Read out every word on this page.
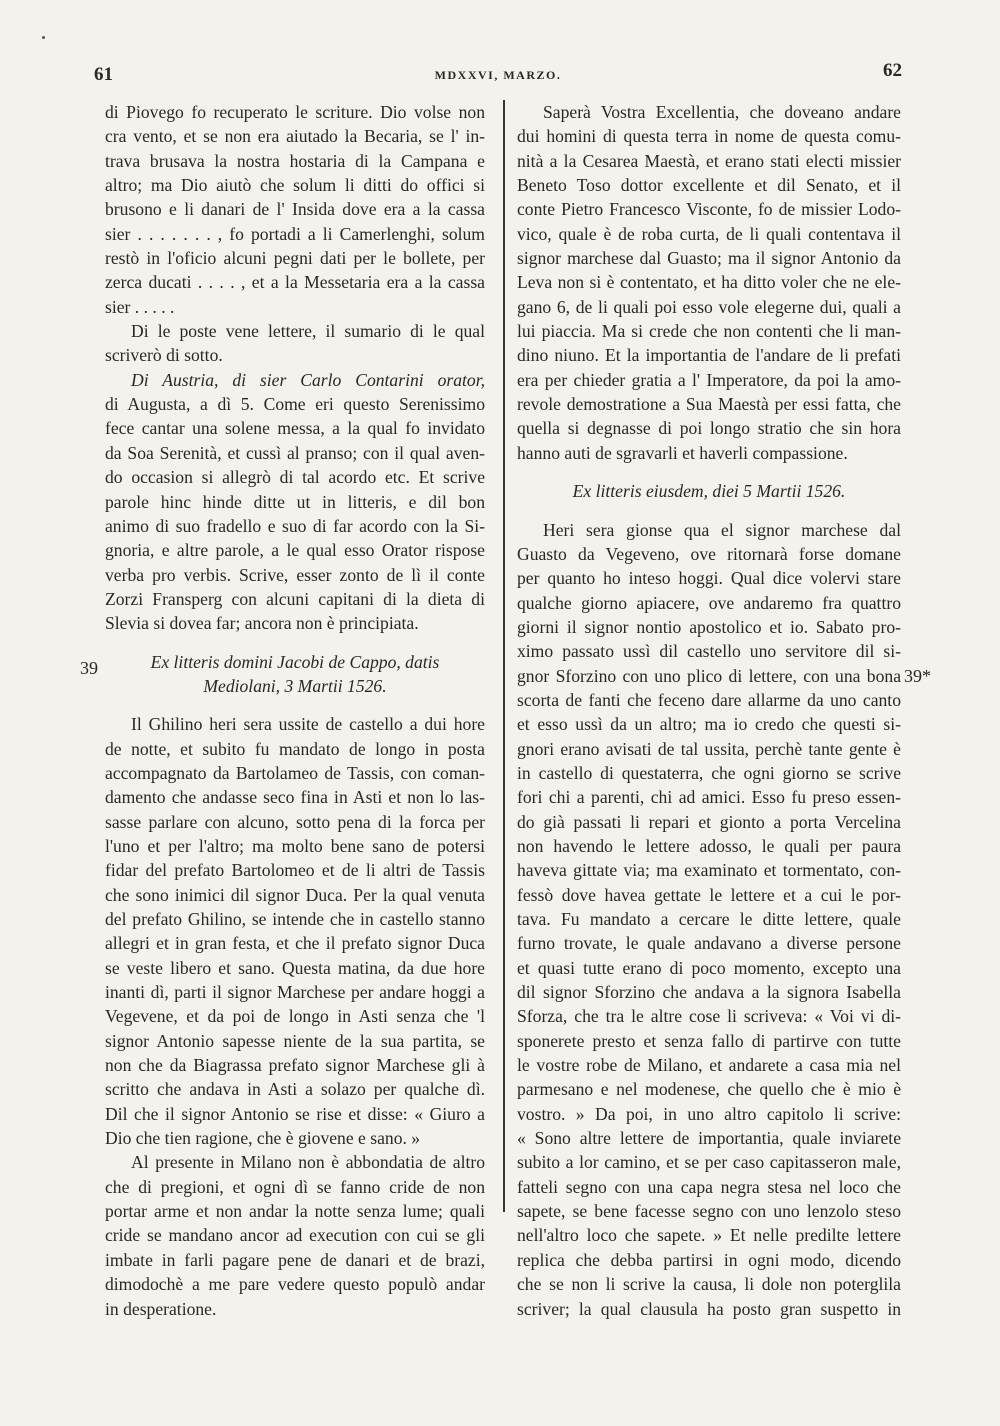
61	MDXXVI, MARZO.	62
39	39*
di Piovego fo recuperato le scriture. Dio volse non
cra vento, et se non era aiutado la Becaria, se l' in-
trava brusava la nostra hostaria di la Campana e
altro; ma Dio aiutò che solum li ditti do offici si
brusono e li danari de l' Insida dove era a la cassa
sier . . . . . . . , fo portadi a li Camerlenghi, solum
restò in l'oficio alcuni pegni dati per le bollete, per
zerca ducati . . . . , et a la Messetaria era a la cassa
sier . . . . .
Di le poste vene lettere, il sumario di le qual
scriverò di sotto.
Di Austria, di sier Carlo Contarini orator,
di Augusta, a dì 5. Come eri questo Serenissimo
fece cantar una solene messa, a la qual fo invidato
da Soa Serenità, et cussì al pranso; con il qual aven-
do occasion si allegrò di tal acordo etc. Et scrive
parole hinc hinde ditte ut in litteris, e dil bon
animo di suo fradello e suo di far acordo con la Si-
gnoria, e altre parole, a le qual esso Orator rispose
verba pro verbis. Scrive, esser zonto de lì il conte
Zorzi Fransperg con alcuni capitani di la dieta di
Slevia si dovea far; ancora non è principiata.
Ex litteris domini Jacobi de Cappo, datis
Mediolani, 3 Martii 1526.
Il Ghilino heri sera ussite de castello a dui hore
de notte, et subito fu mandato de longo in posta
accompagnato da Bartolameo de Tassis, con coman-
damento che andasse seco fina in Asti et non lo las-
sasse parlare con alcuno, sotto pena di la forca per
l'uno et per l'altro; ma molto bene sano de potersi
fidar del prefato Bartolomeo et de li altri de Tassis
che sono inimici dil signor Duca. Per la qual venuta
del prefato Ghilino, se intende che in castello stanno
allegri et in gran festa, et che il prefato signor Duca
se veste libero et sano. Questa matina, da due hore
inanti dì, parti il signor Marchese per andare hoggi a
Vegevene, et da poi de longo in Asti senza che 'l
signor Antonio sapesse niente de la sua partita, se
non che da Biagrassa prefato signor Marchese gli à
scritto che andava in Asti a solazo per qualche dì.
Dil che il signor Antonio se rise et disse: « Giuro a
Dio che tien ragione, che è giovene e sano. »
Al presente in Milano non è abbondatia de altro
che di pregioni, et ogni dì se fanno cride de non
portar arme et non andar la notte senza lume; quali
cride se mandano ancor ad execution con cui se gli
imbate in farli pagare pene de danari et de brazi,
dimodochè a me pare vedere questo populò andar
in desperatione.
Saperà Vostra Excellentia, che doveano andare
dui homini di questa terra in nome de questa comu-
nità a la Cesarea Maestà, et erano stati electi missier
Beneto Toso dottor excellente et dil Senato, et il
conte Pietro Francesco Visconte, fo de missier Lodo-
vico, quale è de roba curta, de li quali contentava il
signor marchese dal Guasto; ma il signor Antonio da
Leva non si è contentato, et ha ditto voler che ne ele-
gano 6, de li quali poi esso vole elegerne dui, quali a
lui piaccia. Ma si crede che non contenti che li man-
dino niuno. Et la importantia de l'andare de li prefati
era per chieder gratia a l' Imperatore, da poi la amo-
revole demostratione a Sua Maestà per essi fatta, che
quella si degnasse di poi longo stratio che sin hora
hanno auti de sgravarli et haverli compassione.
Ex litteris eiusdem, diei 5 Martii 1526.
Heri sera gionse qua el signor marchese dal
Guasto da Vegeveno, ove ritornarà forse domane
per quanto ho inteso hoggi. Qual dice volervi stare
qualche giorno apiacere, ove andaremo fra quattro
giorni il signor nontio apostolico et io. Sabato pro-
ximo passato ussì dil castello uno servitore dil si-
gnor Sforzino con uno plico di lettere, con una bona
scorta de fanti che feceno dare allarme da uno canto
et esso ussì da un altro; ma io credo che questi si-
gnori erano avisati de tal ussita, perchè tante gente è
in castello di questaterra, che ogni giorno se scrive
fori chi a parenti, chi ad amici. Esso fu preso essen-
do già passati li repari et gionto a porta Vercelina
non havendo le lettere adosso, le quali per paura
haveva gittate via; ma examinato et tormentato, con-
fessò dove havea gettate le lettere et a cui le por-
tava. Fu mandato a cercare le ditte lettere, quale
furno trovate, le quale andavano a diverse persone
et quasi tutte erano di poco momento, excepto una
dil signor Sforzino che andava a la signora Isabella
Sforza, che tra le altre cose li scriveva: « Voi vi di-
sponerete presto et senza fallo di partirve con tutte
le vostre robe de Milano, et andarete a casa mia nel
parmesano e nel modenese, che quello che è mio è
vostro. » Da poi, in uno altro capitolo li scrive:
« Sono altre lettere de importantia, quale inviarete
subito a lor camino, et se per caso capitasseron male,
fatteli segno con una capa negra stesa nel loco che
sapete, se bene facesse segno con uno lenzolo steso
nell'altro loco che sapete. » Et nelle predilte lettere
replica che debba partirsi in ogni modo, dicendo
che se non li scrive la causa, li dole non poterglila
scriver; la qual clausula ha posto gran suspetto in
